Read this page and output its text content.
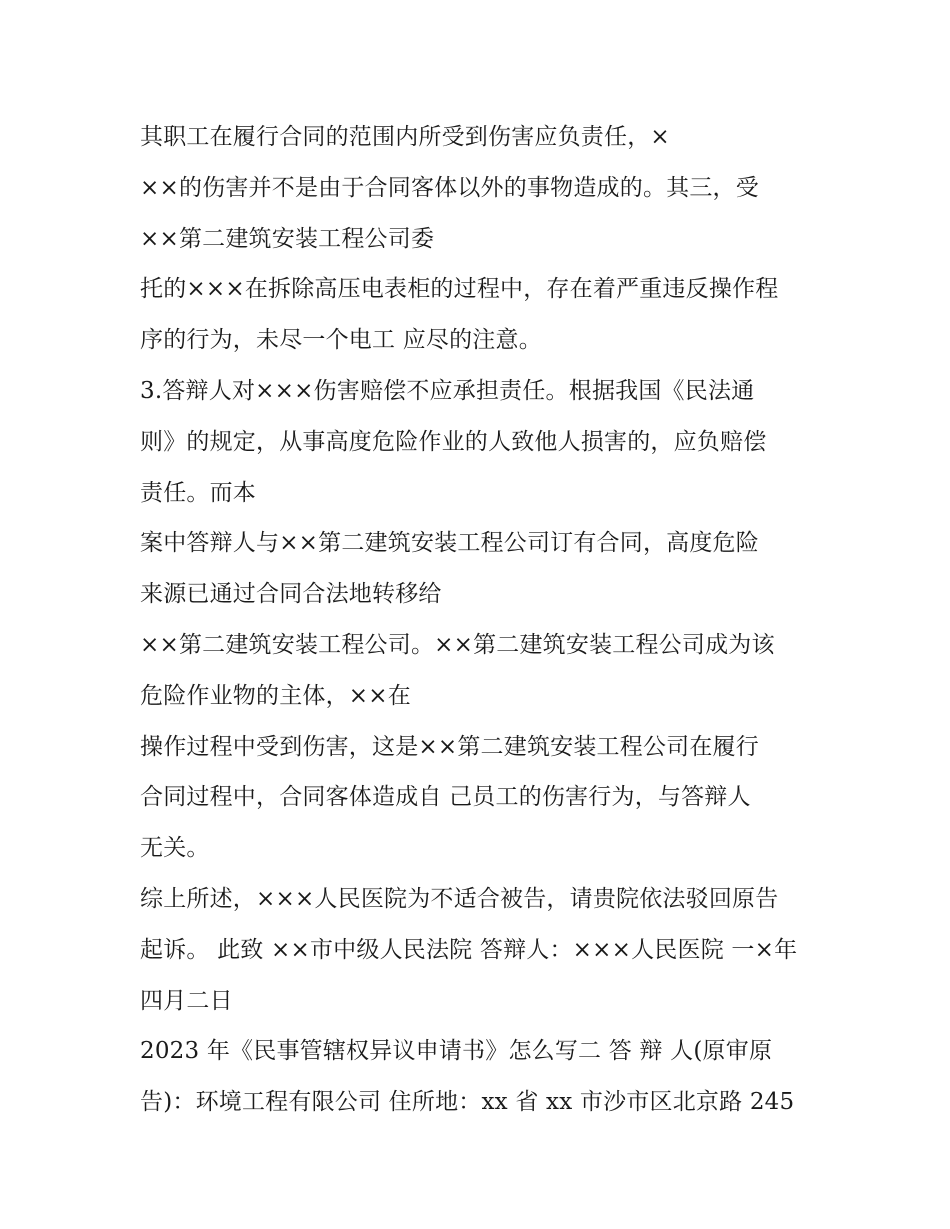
其职工在履行合同的范围内所受到伤害应负责任，×
××的伤害并不是由于合同客体以外的事物造成的。其三，受
××第二建筑安装工程公司委
托的×××在拆除高压电表柜的过程中，存在着严重违反操作程
序的行为，未尽一个电工 应尽的注意。
3.答辩人对×××伤害赔偿不应承担责任。根据我国《民法通
则》的规定，从事高度危险作业的人致他人损害的，应负赔偿
责任。而本
案中答辩人与××第二建筑安装工程公司订有合同，高度危险
来源已通过合同合法地转移给
××第二建筑安装工程公司。××第二建筑安装工程公司成为该
危险作业物的主体，××在
操作过程中受到伤害，这是××第二建筑安装工程公司在履行
合同过程中，合同客体造成自 己员工的伤害行为，与答辩人
无关。
综上所述，×××人民医院为不适合被告，请贵院依法驳回原告
起诉。 此致 ××市中级人民法院 答辩人：×××人民医院 一×年
四月二日
2023 年《民事管辖权异议申请书》怎么写二 答 辩 人(原审原
告)：环境工程有限公司 住所地：xx 省 xx 市沙市区北京路 245
